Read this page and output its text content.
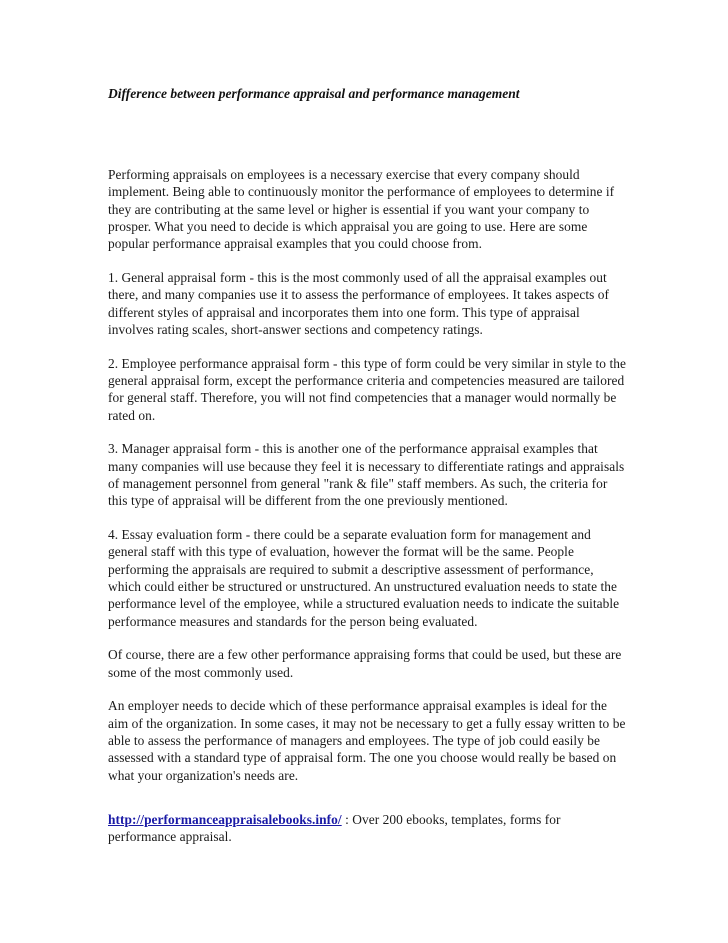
Difference between performance appraisal and performance management

Performing appraisals on employees is a necessary exercise that every company should implement. Being able to continuously monitor the performance of employees to determine if they are contributing at the same level or higher is essential if you want your company to prosper. What you need to decide is which appraisal you are going to use. Here are some popular performance appraisal examples that you could choose from.

1. General appraisal form - this is the most commonly used of all the appraisal examples out there, and many companies use it to assess the performance of employees. It takes aspects of different styles of appraisal and incorporates them into one form. This type of appraisal involves rating scales, short-answer sections and competency ratings.

2. Employee performance appraisal form - this type of form could be very similar in style to the general appraisal form, except the performance criteria and competencies measured are tailored for general staff. Therefore, you will not find competencies that a manager would normally be rated on.

3. Manager appraisal form - this is another one of the performance appraisal examples that many companies will use because they feel it is necessary to differentiate ratings and appraisals of management personnel from general "rank & file" staff members. As such, the criteria for this type of appraisal will be different from the one previously mentioned.

4. Essay evaluation form - there could be a separate evaluation form for management and general staff with this type of evaluation, however the format will be the same. People performing the appraisals are required to submit a descriptive assessment of performance, which could either be structured or unstructured. An unstructured evaluation needs to state the performance level of the employee, while a structured evaluation needs to indicate the suitable performance measures and standards for the person being evaluated.

Of course, there are a few other performance appraising forms that could be used, but these are some of the most commonly used.

An employer needs to decide which of these performance appraisal examples is ideal for the aim of the organization. In some cases, it may not be necessary to get a fully essay written to be able to assess the performance of managers and employees. The type of job could easily be assessed with a standard type of appraisal form. The one you choose would really be based on what your organization's needs are.

http://performanceappraisalebooks.info/ : Over 200 ebooks, templates, forms for performance appraisal.
